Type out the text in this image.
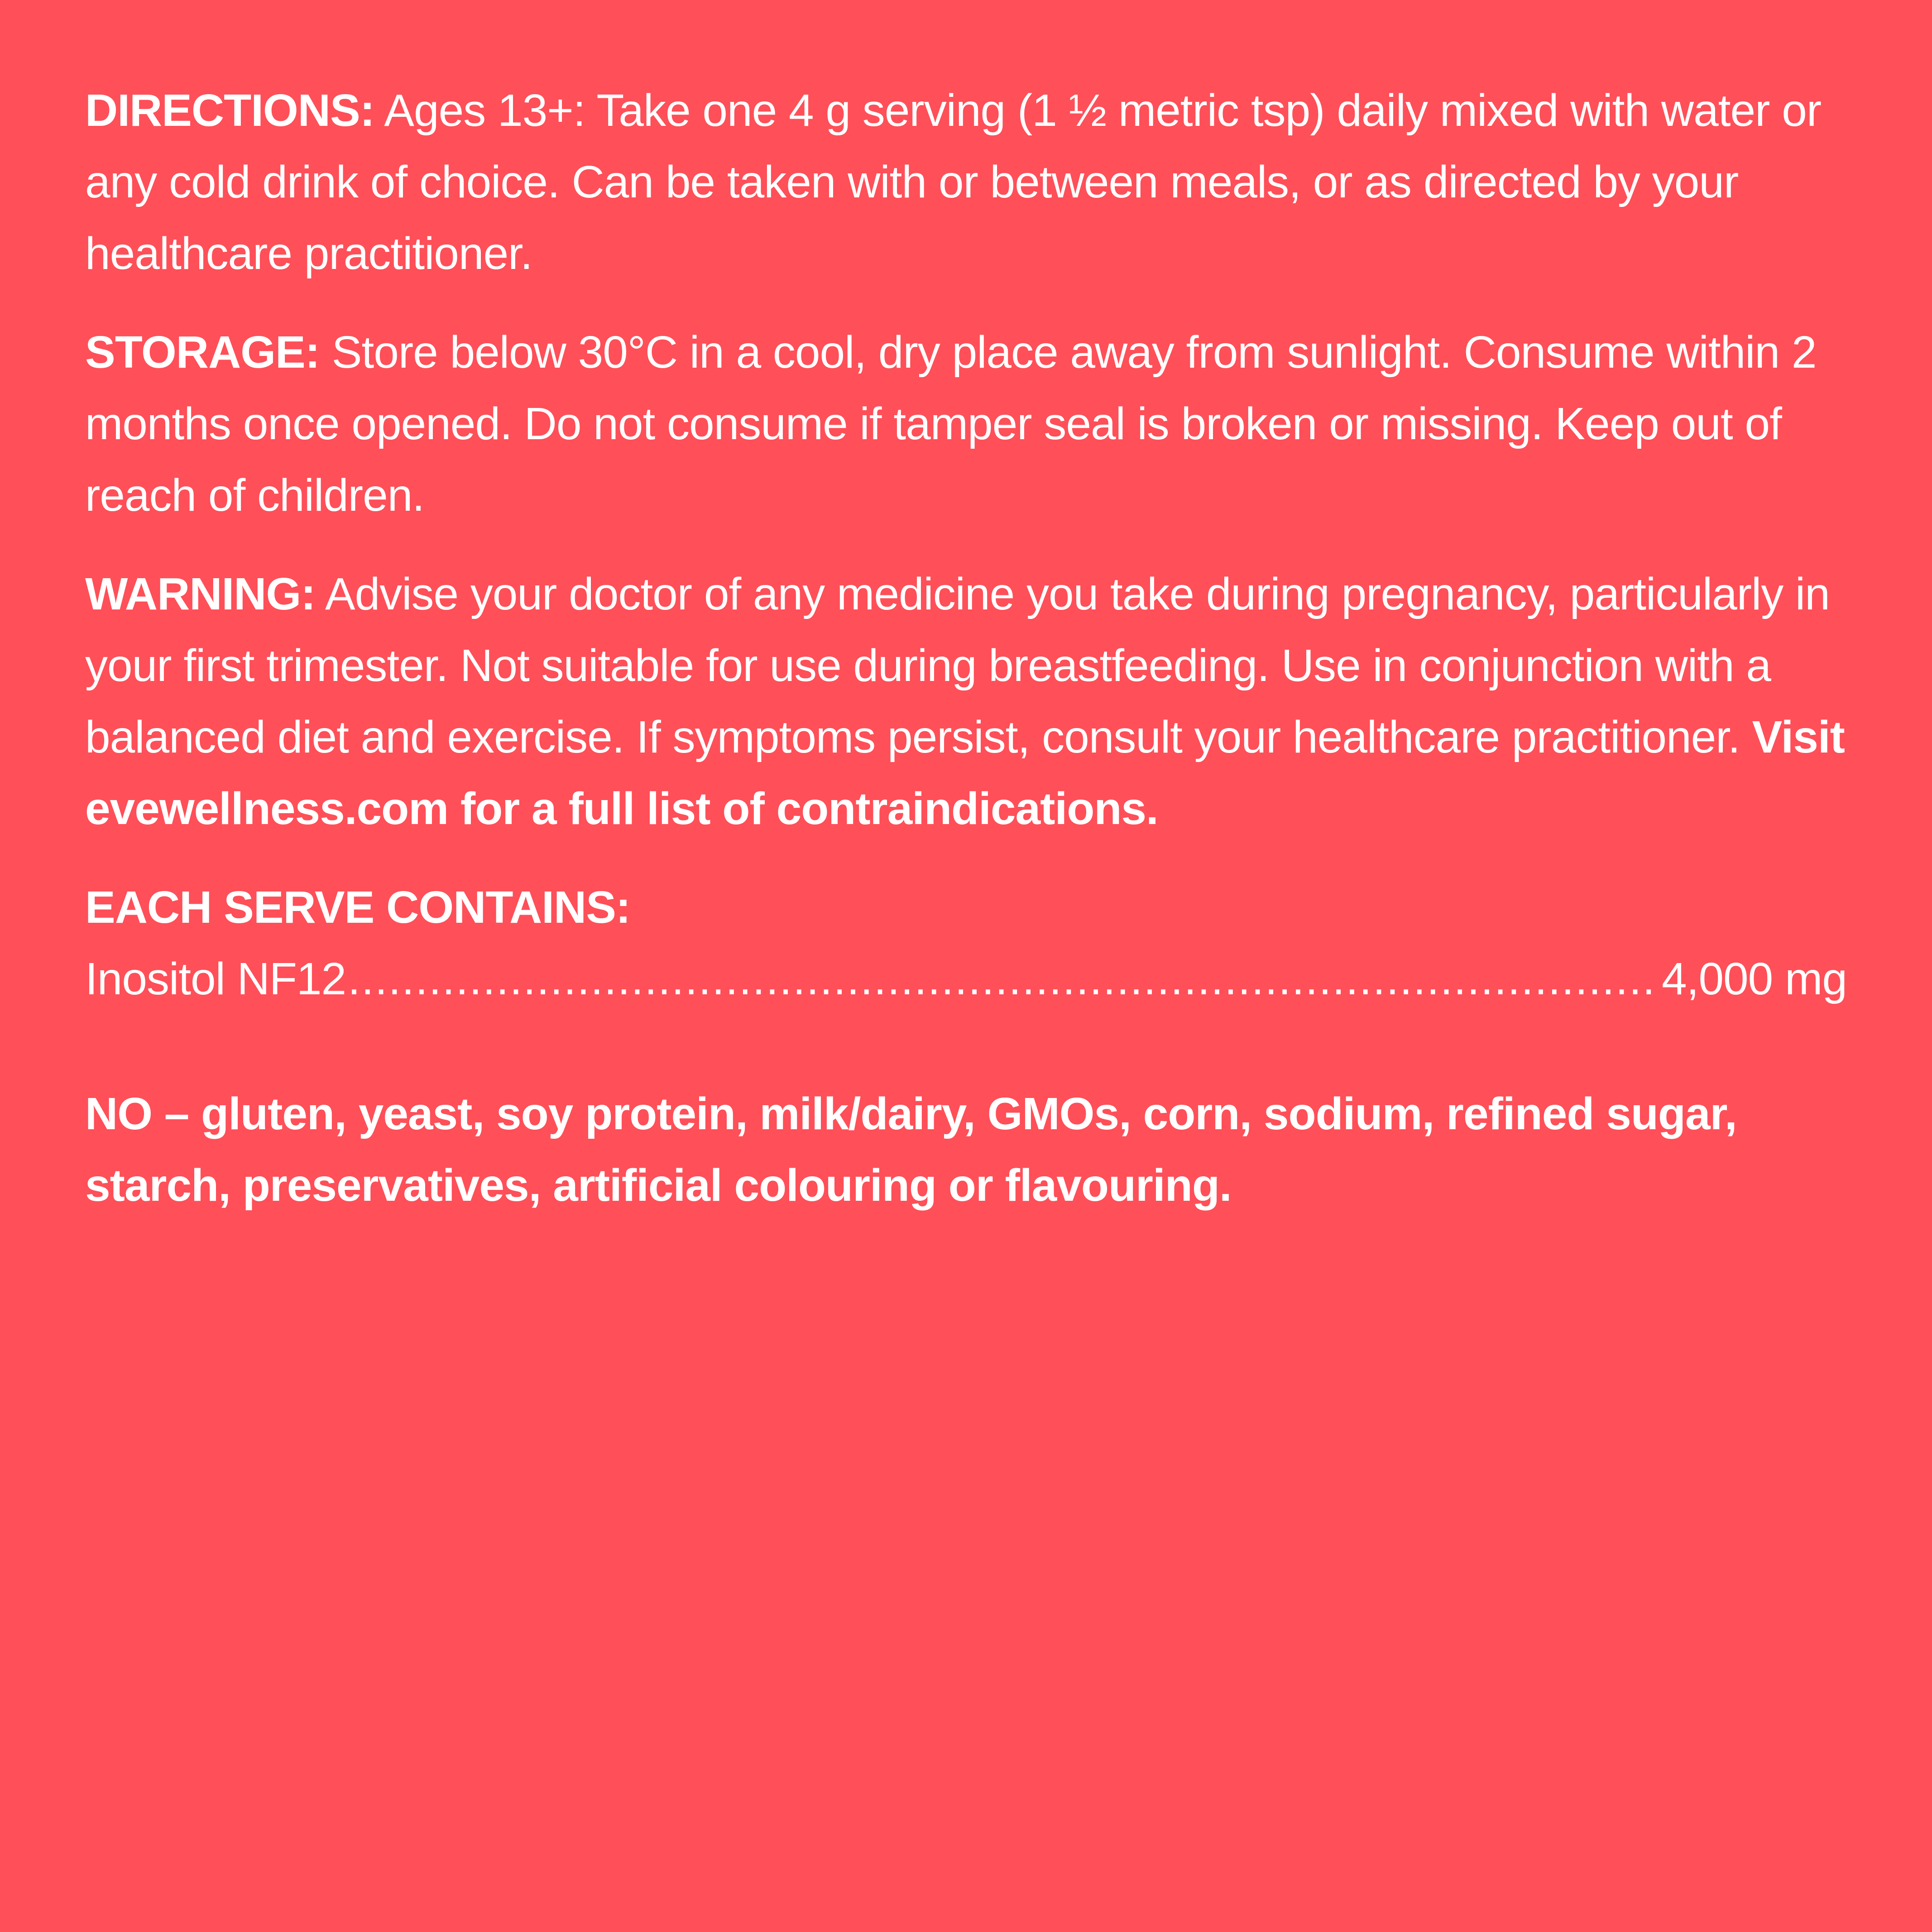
DIRECTIONS: Ages 13+: Take one 4 g serving (1 ½ metric tsp) daily mixed with water or any cold drink of choice. Can be taken with or between meals, or as directed by your healthcare practitioner.

STORAGE: Store below 30°C in a cool, dry place away from sunlight. Consume within 2 months once opened. Do not consume if tamper seal is broken or missing. Keep out of reach of children.

WARNING: Advise your doctor of any medicine you take during pregnancy, particularly in your first trimester. Not suitable for use during breastfeeding. Use in conjunction with a balanced diet and exercise. If symptoms persist, consult your healthcare practitioner. Visit evewellness.com for a full list of contraindications.

EACH SERVE CONTAINS:

Inositol NF12
.....	4,000 mg

NO – gluten, yeast, soy protein, milk/dairy, GMOs, corn, sodium, refined sugar, starch, preservatives, artificial colouring or flavouring.
